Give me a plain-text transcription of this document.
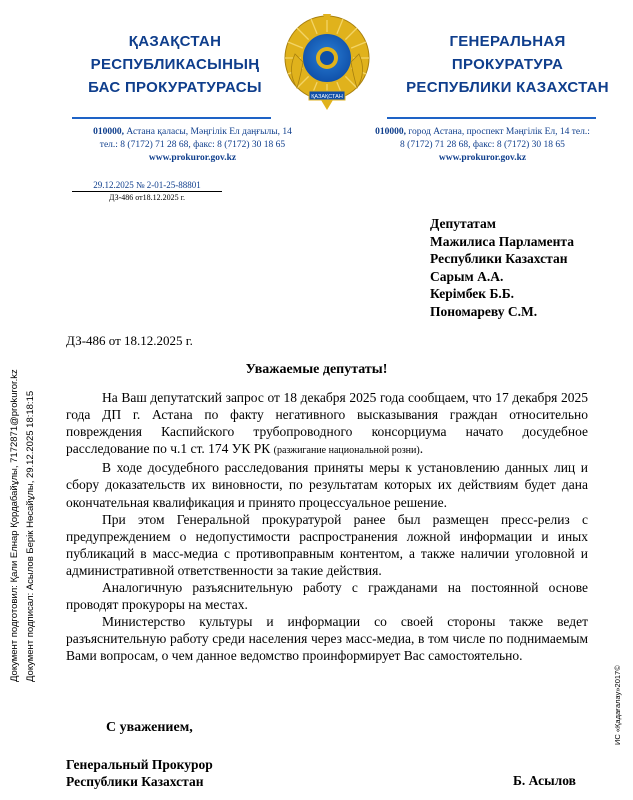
ҚАЗАҚСТАН
РЕСПУБЛИКАСЫНЫҢ
БАС ПРОКУРАТУРАСЫ
ҚАЗАҚСТАН
ГЕНЕРАЛЬНАЯ
ПРОКУРАТУРА
РЕСПУБЛИКИ КАЗАХСТАН
010000, Астана қаласы, Мәңгілік Ел даңғылы, 14
тел.: 8 (7172) 71 28 68, факс: 8 (7172) 30 18 65
www.prokuror.gov.kz
010000, город Астана, проспект Мәңгілік Ел, 14 тел.:
8 (7172) 71 28 68, факс: 8 (7172) 30 18 65
www.prokuror.gov.kz
29.12.2025 № 2-01-25-88801
ДЗ-486 от18.12.2025 г.
Депутатам
Мажилиса Парламента
Республики Казахстан
Сарым А.А.
Керімбек Б.Б.
Пономареву С.М.
ДЗ-486 от 18.12.2025 г.
Уважаемые депутаты!

На Ваш депутатский запрос от 18 декабря 2025 года сообщаем, что 17 декабря 2025 года ДП г. Астана по факту негативного высказывания граждан относительно повреждения Каспийского трубопроводного консорциума начато досудебное расследование по ч.1 ст. 174 УК РК (разжигание национальной розни).

В ходе досудебного расследования приняты меры к установлению данных лиц и сбору доказательств их виновности, по результатам которых их действиям будет дана окончательная квалификация и принято процессуальное решение.

При этом Генеральной прокуратурой ранее был размещен пресс-релиз с предупреждением о недопустимости распространения ложной информации и иных публикаций в масс-медиа с противоправным контентом, а также наличии уголовной и административной ответственности за такие действия.

Аналогичную разъяснительную работу с гражданами на постоянной основе проводят прокуроры на местах.

Министерство культуры и информации со своей стороны также ведет разъяснительную работу среди населения через масс-медиа, в том числе по поднимаемым Вами вопросам, о чем данное ведомство проинформирует Вас самостоятельно.

С уважением,
Генеральный Прокурор
Республики Казахстан	Б. Асылов
Документ подготовил: Қали Елнар Қордабайұлы, 7172871@prokuror.kz Документ подписал: Асылов Берік Нөсайұлы, 29.12.2025 18:18:15
ИС «Қадағалау»2017©
